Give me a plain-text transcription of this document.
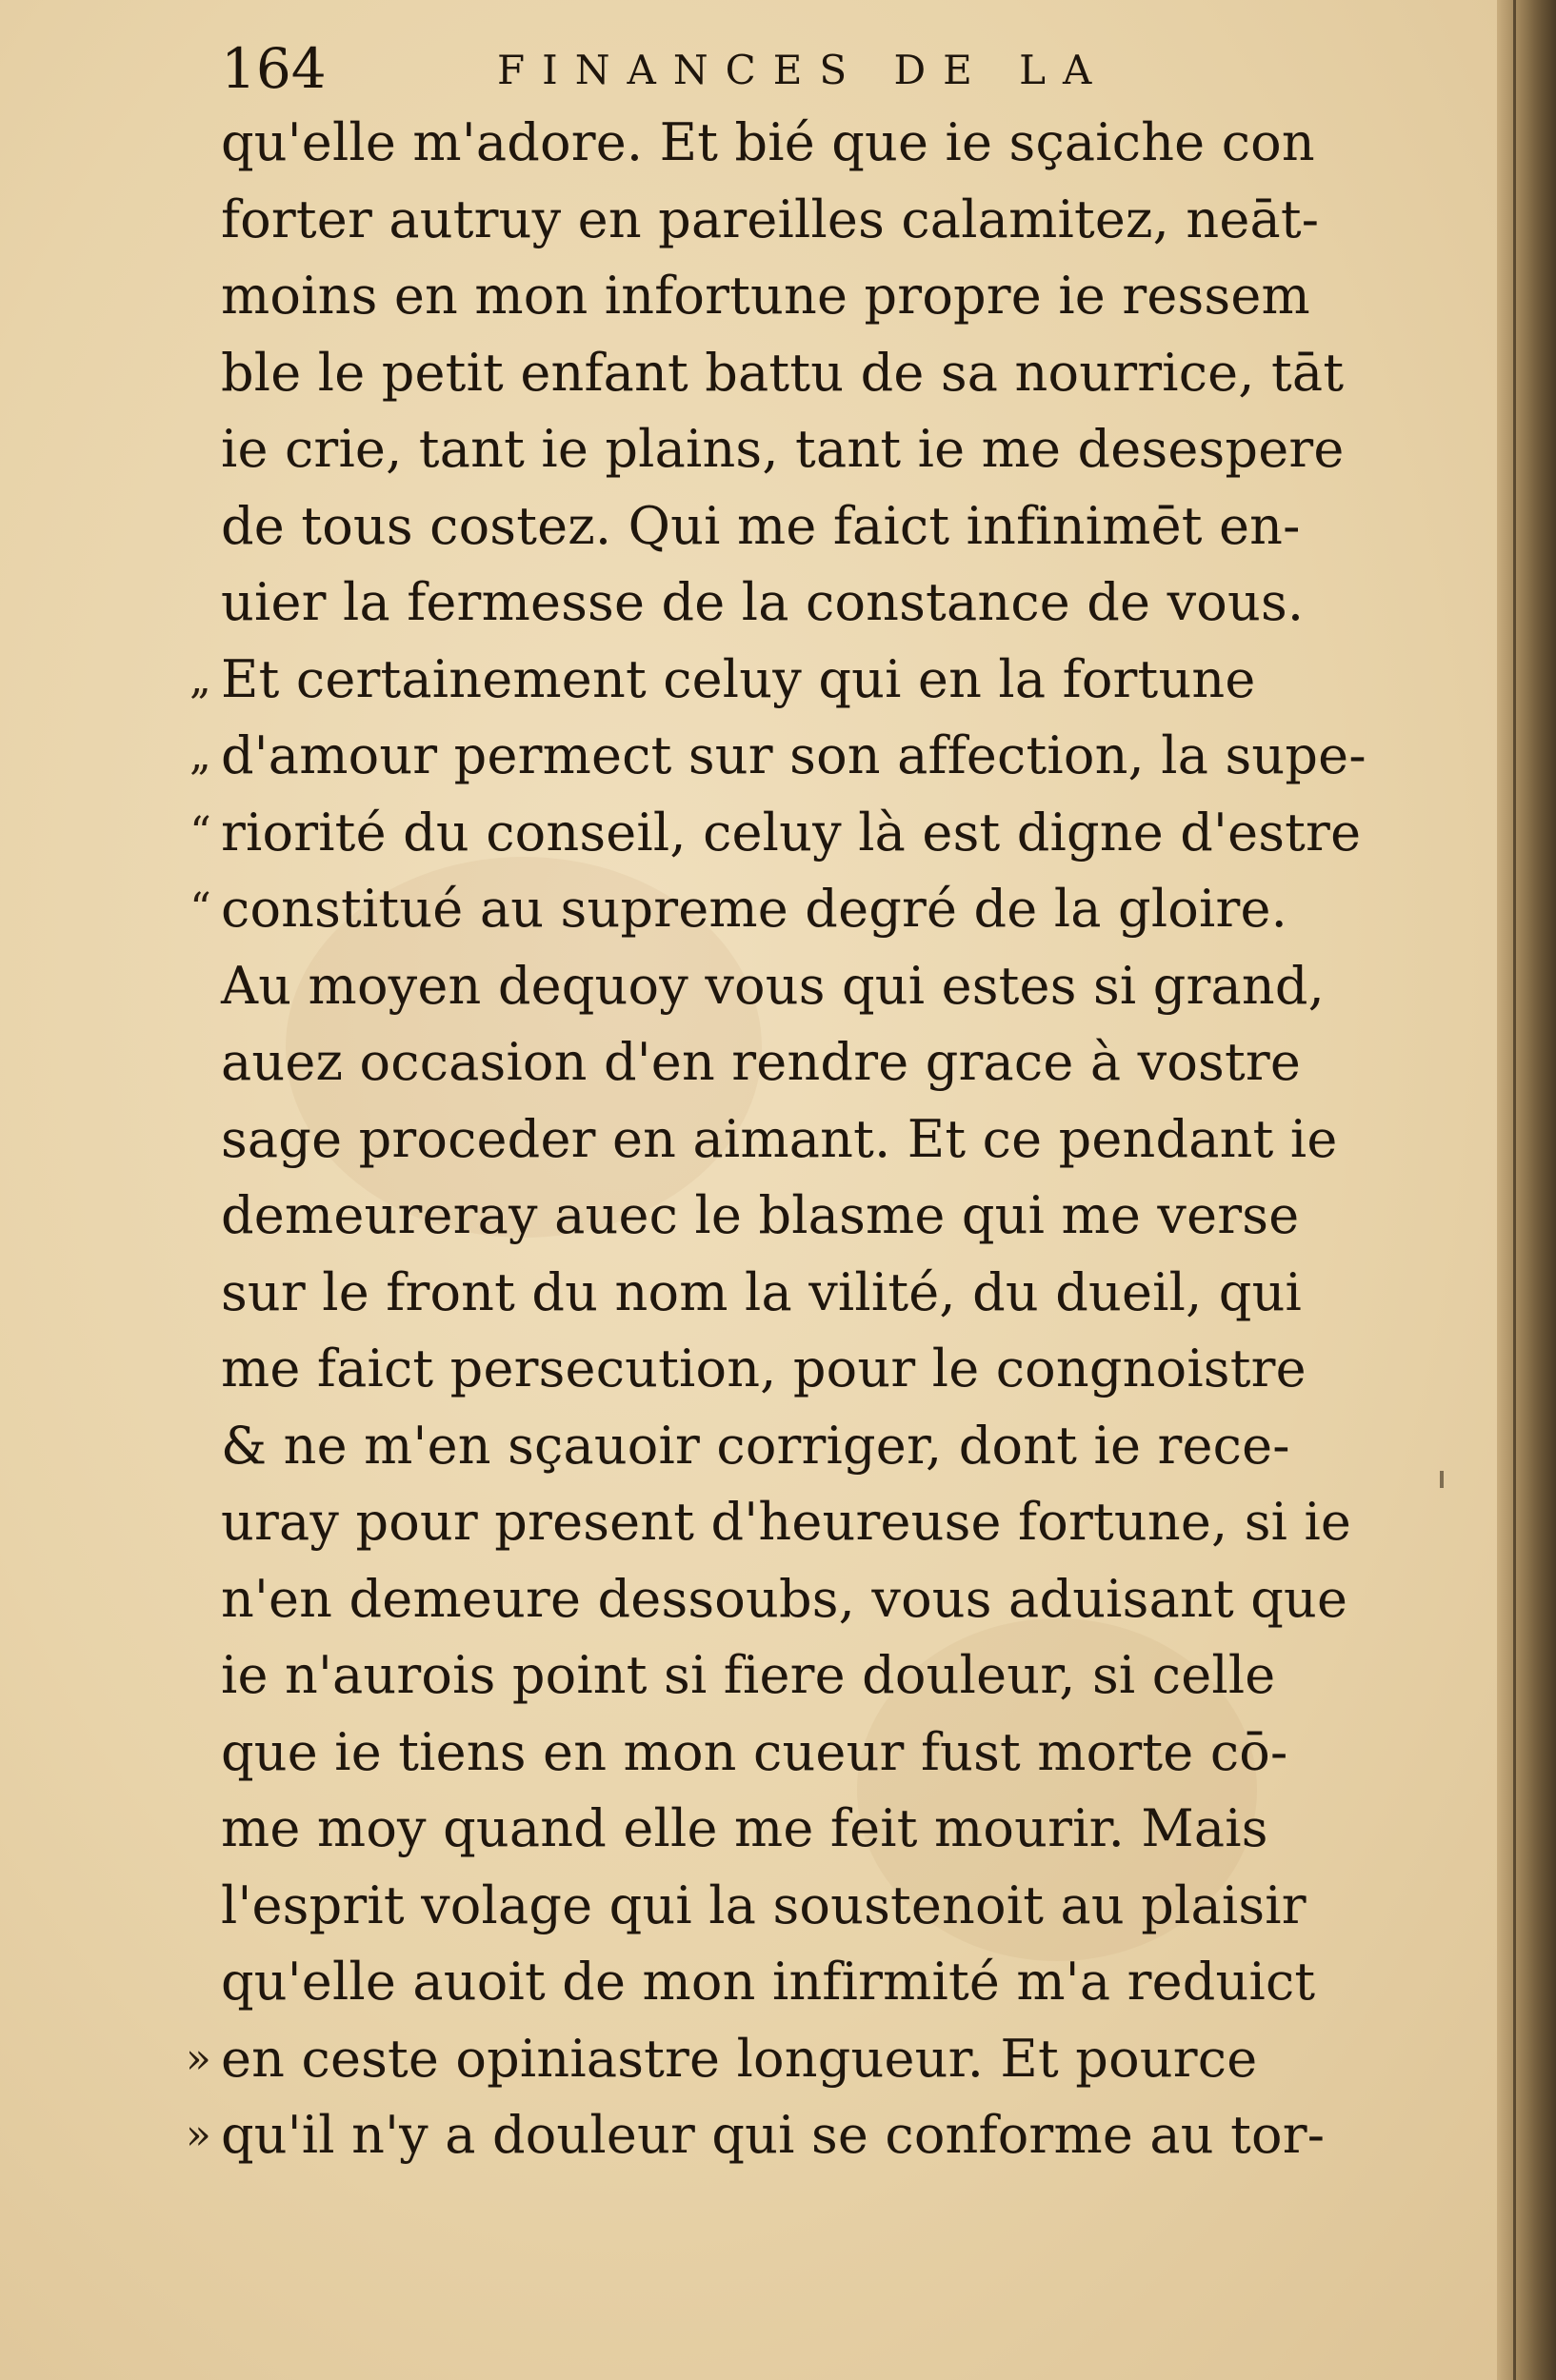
164	FINANCES DE LA
qu'elle m'adore. Et bié que ie sçaiche con
forter autruy en pareilles calamitez, neāt-
moins en mon infortune propre ie ressem
ble le petit enfant battu de sa nourrice, tāt
ie crie, tant ie plains, tant ie me desespere
de tous costez. Qui me faict infinimēt en-
uier la fermesse de la constance de vous.
„ Et certainement celuy qui en la fortune
„ d'amour permect sur son affection, la supe-
“ riorité du conseil, celuy là est digne d'estre
“ constitué au supreme degré de la gloire.
Au moyen dequoy vous qui estes si grand,
auez occasion d'en rendre grace à vostre
sage proceder en aimant. Et ce pendant ie
demeureray auec le blasme qui me verse
sur le front du nom la vilité, du dueil, qui
me faict persecution, pour le congnoistre
& ne m'en sçauoir corriger, dont ie rece-
uray pour present d'heureuse fortune, si ie
n'en demeure dessoubs, vous aduisant que
ie n'aurois point si fiere douleur, si celle
que ie tiens en mon cueur fust morte cō-
me moy quand elle me feit mourir. Mais
l'esprit volage qui la soustenoit au plaisir
qu'elle auoit de mon infirmité m'a reduict
» en ceste opiniastre longueur. Et pource
» qu'il n'y a douleur qui se conforme au tor-
